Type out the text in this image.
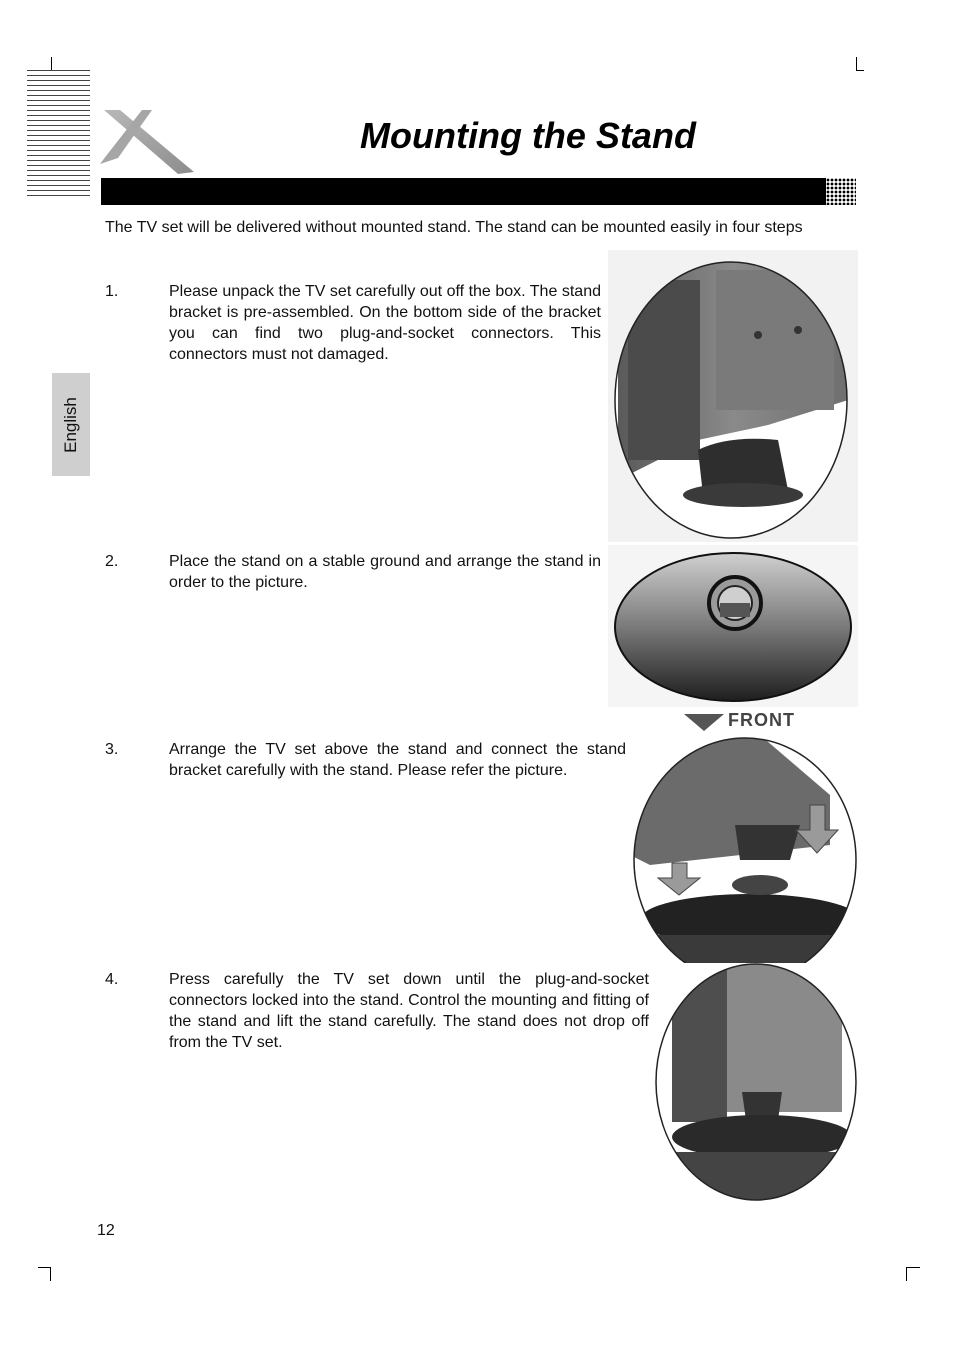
Mounting the Stand
English
The TV set will be delivered without mounted stand. The stand can be mounted easily in four steps
1.	Please unpack the TV set carefully out off the box. The stand bracket is pre-assembled. On the bottom side of the bracket you can find two plug-and-socket connectors. This connectors must not damaged.
2.	Place the stand on a stable ground and arrange the stand in order to the picture.
3.	Arrange the TV set above the stand and connect the stand bracket carefully with the stand. Please refer the picture.
4.	Press carefully the TV set down until the plug-and-socket connectors locked into the stand. Control the mounting and fitting of the stand and lift the stand carefully. The stand does not drop off from the TV set.
FRONT
12
